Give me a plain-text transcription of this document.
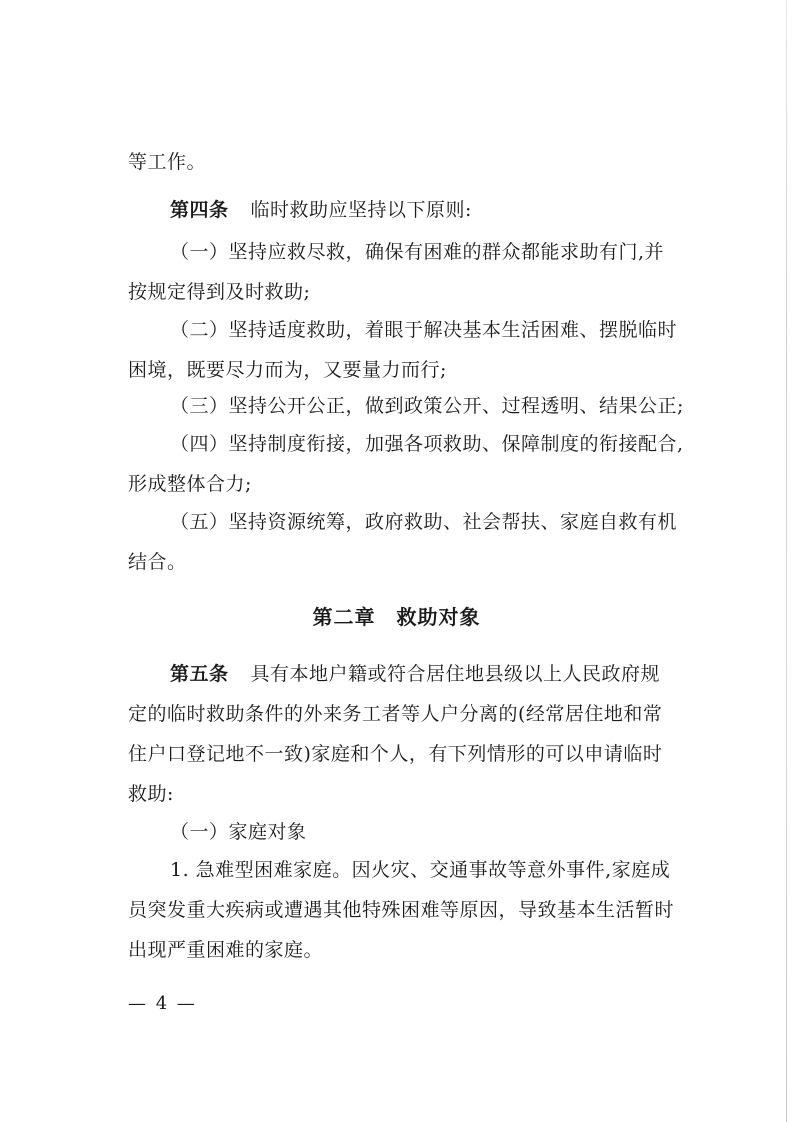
等工作。
第四条 临时救助应坚持以下原则:
（一）坚持应救尽救，确保有困难的群众都能求助有门,并
按规定得到及时救助;
（二）坚持适度救助，着眼于解决基本生活困难、摆脱临时
困境，既要尽力而为，又要量力而行;
（三）坚持公开公正，做到政策公开、过程透明、结果公正;
（四）坚持制度衔接，加强各项救助、保障制度的衔接配合,
形成整体合力;
（五）坚持资源统筹，政府救助、社会帮扶、家庭自救有机
结合。
第二章　救助对象
第五条 具有本地户籍或符合居住地县级以上人民政府规
定的临时救助条件的外来务工者等人户分离的(经常居住地和常
住户口登记地不一致)家庭和个人，有下列情形的可以申请临时
救助:
（一）家庭对象
1. 急难型困难家庭。因火灾、交通事故等意外事件,家庭成
员突发重大疾病或遭遇其他特殊困难等原因，导致基本生活暂时
出现严重困难的家庭。
— 4 —
